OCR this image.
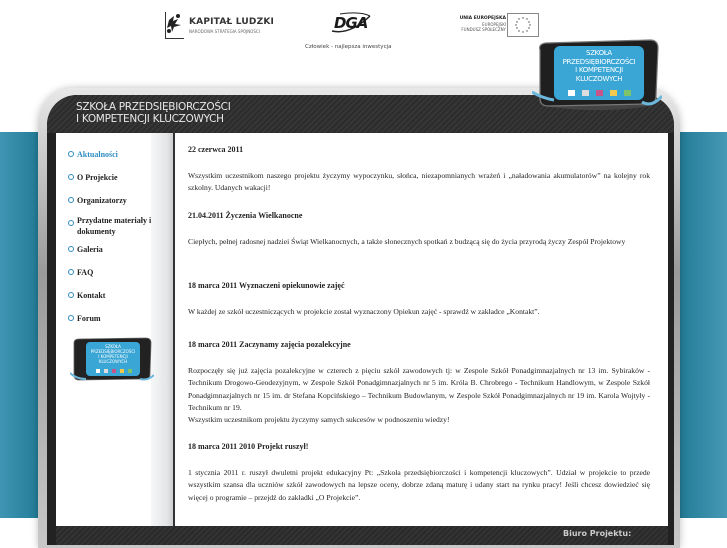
KAPITAŁ LUDZKI
NARODOWA STRATEGIA SPÓJNOŚCI	DGA
Człowiek - najlepsza inwestycja
UNIA EUROPEJSKA
EUROPEJSKI
FUNDUSZ SPOŁECZNY
SZKOŁA PRZEDSIĘBIORCZOŚCI
I KOMPETENCJI KLUCZOWYCH
SZKOŁA
PRZEDSIĘBIORCZOŚCI
I KOMPETENCJI
KLUCZOWYCH
Aktualności
O Projekcie
Organizatorzy
Przydatne materiały i dokumenty
Galeria
FAQ
Kontakt
Forum
SZKOŁA
PRZEDSIĘBIORCZOŚCI
I KOMPETENCJI
KLUCZOWYCH

22 czerwca 2011

Wszystkim uczestnikom naszego projektu życzymy wypoczynku, słońca, niezapomnianych wrażeń i „naładowania akumulatorów” na kolejny rok szkolny. Udanych wakacji!

21.04.2011 Życzenia Wielkanocne

Ciepłych, pełnej radosnej nadziei Świąt Wielkanocnych, a także słonecznych spotkań z budzącą się do życia przyrodą życzy Zespół Projektowy

18 marca 2011 Wyznaczeni opiekunowie zajęć

W każdej ze szkół uczestniczących w projekcie został wyznaczony Opiekun zajęć - sprawdź w zakładce „Kontakt”.

18 marca 2011 Zaczynamy zajęcia pozalekcyjne

Rozpoczęły się już zajęcia pozalekcyjne w czterech z pięciu szkół zawodowych tj: w Zespole Szkół Ponadgimnazjalnych nr 13 im. Sybiraków - Technikum Drogowo-Geodezyjnym, w Zespole Szkół Ponadgimnazjalnych nr 5 im. Króla B. Chrobrego - Technikum Handlowym, w Zespole Szkół Ponadgimnazjalnych nr 15 im. dr Stefana Kopcińskiego – Technikum Budowlanym, w Zespole Szkół Ponadgimnazjalnych nr 19 im. Karola Wojtyły - Technikum nr 19.

Wszystkim uczestnikom projektu życzymy samych sukcesów w podnoszeniu wiedzy!

18 marca 2011 2010 Projekt ruszył!

1 stycznia 2011 r. ruszył dwuletni projekt edukacyjny Pt: „Szkoła przedsiębiorczości i kompetencji kluczowych”. Udział w projekcie to przede wszystkim szansa dla uczniów szkół zawodowych na lepsze oceny, dobrze zdaną maturę i udany start na rynku pracy! Jeśli chcesz dowiedzieć się więcej o programie – przejdź do zakładki „O Projekcie”.

Biuro Projektu:
